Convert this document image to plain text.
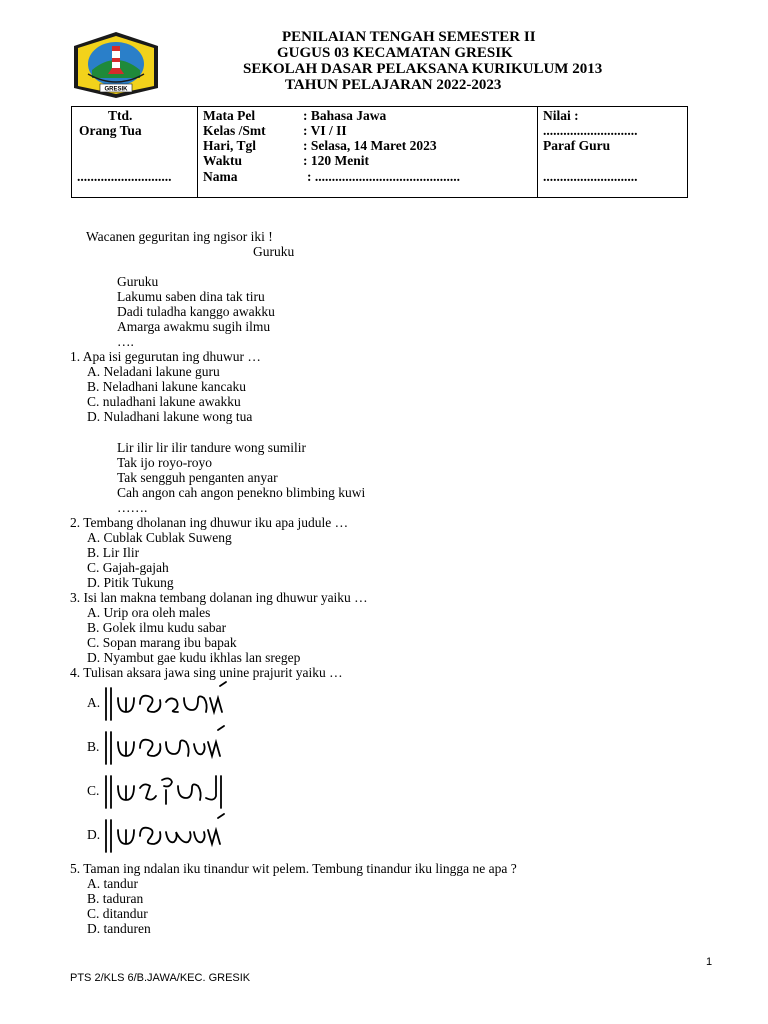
GRESIK
PENILAIAN TENGAH SEMESTER II
GUGUS 03 KECAMATAN GRESIK
SEKOLAH DASAR PELAKSANA KURIKULUM 2013
TAHUN PELAJARAN 2022-2023
Ttd.
Orang Tua
............................
Mata Pel	: Bahasa Jawa
Kelas /Smt	: VI / II
Hari, Tgl	: Selasa, 14 Maret 2023
Waktu	: 120 Menit
Nama	: ...........................................
Nilai :
............................
Paraf Guru
............................
Wacanen geguritan ing ngisor iki !
Guruku
Guruku
Lakumu saben dina tak tiru
Dadi tuladha kanggo awakku
Amarga awakmu sugih ilmu
….
1. Apa isi gegurutan ing dhuwur …
A. Neladani lakune guru
B. Neladhani lakune kancaku
C. nuladhani lakune awakku
D. Nuladhani lakune wong tua
Lir ilir lir ilir tandure wong sumilir
Tak ijo royo-royo
Tak sengguh penganten anyar
Cah angon cah angon penekno blimbing kuwi
…….
2. Tembang dholanan ing dhuwur iku apa judule …
A. Cublak Cublak Suweng
B. Lir Ilir
C. Gajah-gajah
D. Pitik Tukung
3. Isi lan makna tembang dolanan ing dhuwur yaiku …
A. Urip ora oleh males
B. Golek ilmu kudu sabar
C. Sopan marang ibu bapak
D. Nyambut gae kudu ikhlas lan sregep
4. Tulisan aksara jawa sing unine prajurit yaiku …
A.
B.
C.
D.
5. Taman ing ndalan iku tinandur wit pelem. Tembung tinandur iku lingga ne apa ?
A. tandur
B. taduran
C. ditandur
D. tanduren
1
PTS 2/KLS 6/B.JAWA/KEC. GRESIK
